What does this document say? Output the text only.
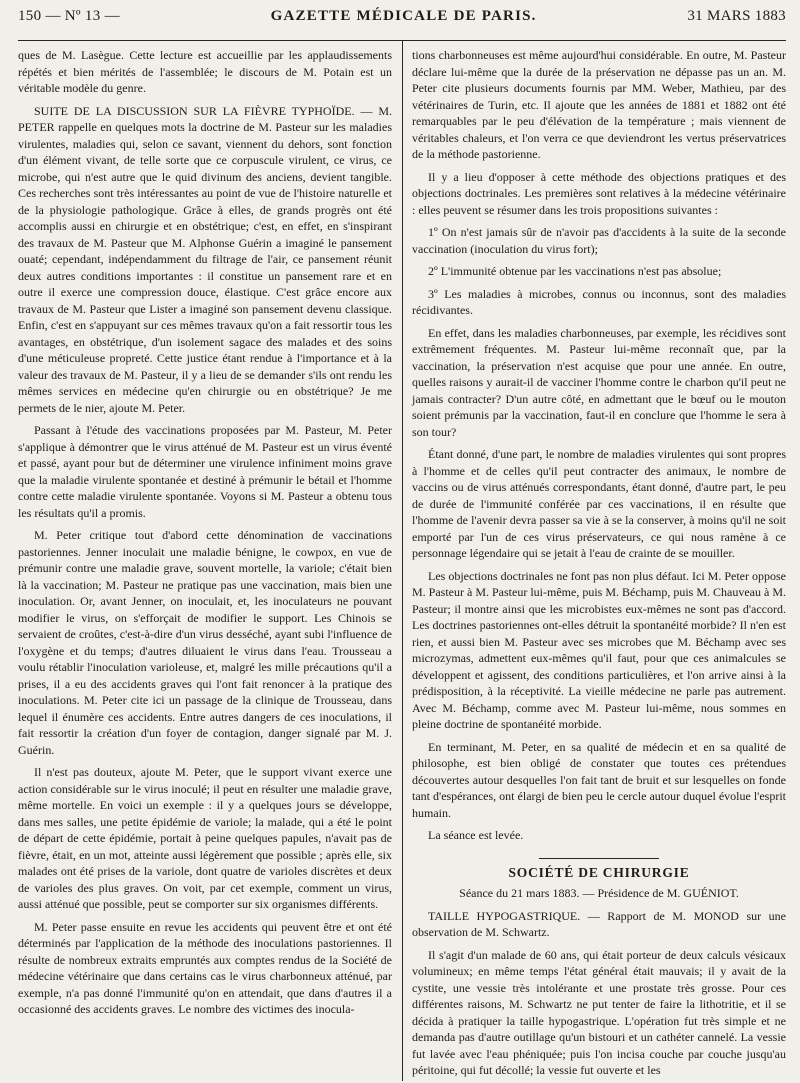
150 — Nº 13 —	GAZETTE MÉDICALE DE PARIS.	31 MARS 1883

ques de M. Lasègue. Cette lecture est accueillie par les applaudissements répétés et bien mérités de l'assemblée; le discours de M. Potain est un véritable modèle du genre.

SUITE DE LA DISCUSSION SUR LA FIÈVRE TYPHOÏDE. — M. PETER rappelle en quelques mots la doctrine de M. Pasteur sur les maladies virulentes, maladies qui, selon ce savant, viennent du dehors, sont fonction d'un élément vivant, de telle sorte que ce corpuscule virulent, ce virus, ce microbe, qui n'est autre que le quid divinum des anciens, devient tangible. Ces recherches sont très intéressantes au point de vue de l'histoire naturelle et de la physiologie pathologique. Grâce à elles, de grands progrès ont été accomplis aussi en chirurgie et en obstétrique; c'est, en effet, en s'inspirant des travaux de M. Pasteur que M. Alphonse Guérin a imaginé le pansement ouaté; cependant, indépendamment du filtrage de l'air, ce pansement réunit deux autres conditions importantes : il constitue un pansement rare et en outre il exerce une compression douce, élastique. C'est grâce encore aux travaux de M. Pasteur que Lister a imaginé son pansement devenu classique. Enfin, c'est en s'appuyant sur ces mêmes travaux qu'on a fait ressortir tous les avantages, en obstétrique, d'un isolement sagace des malades et des soins d'une méticuleuse propreté. Cette justice étant rendue à l'importance et à la valeur des travaux de M. Pasteur, il y a lieu de se demander s'ils ont rendu les mêmes services en médecine qu'en chirurgie ou en obstétrique? Je me permets de le nier, ajoute M. Peter.

Passant à l'étude des vaccinations proposées par M. Pasteur, M. Peter s'applique à démontrer que le virus atténué de M. Pasteur est un virus éventé et passé, ayant pour but de déterminer une virulence infiniment moins grave que la maladie virulente spontanée et destiné à prémunir le bétail et l'homme contre cette maladie virulente spontanée. Voyons si M. Pasteur a obtenu tous les résultats qu'il a promis.

M. Peter critique tout d'abord cette dénomination de vaccinations pastoriennes. Jenner inoculait une maladie bénigne, le cowpox, en vue de prémunir contre une maladie grave, souvent mortelle, la variole; c'était bien là la vaccination; M. Pasteur ne pratique pas une vaccination, mais bien une inoculation. Or, avant Jenner, on inoculait, et, les inoculateurs ne pouvant modifier le virus, on s'efforçait de modifier le support. Les Chinois se servaient de croûtes, c'est-à-dire d'un virus desséché, ayant subi l'influence de l'oxygène et du temps; d'autres diluaient le virus dans l'eau. Trousseau a voulu rétablir l'inoculation varioleuse, et, malgré les mille précautions qu'il a prises, il a eu des accidents graves qui l'ont fait renoncer à la pratique des inoculations. M. Peter cite ici un passage de la clinique de Trousseau, dans lequel il énumère ces accidents. Entre autres dangers de ces inoculations, il fait ressortir la création d'un foyer de contagion, danger signalé par M. J. Guérin.

Il n'est pas douteux, ajoute M. Peter, que le support vivant exerce une action considérable sur le virus inoculé; il peut en résulter une maladie grave, même mortelle. En voici un exemple : il y a quelques jours se développe, dans mes salles, une petite épidémie de variole; la malade, qui a été le point de départ de cette épidémie, portait à peine quelques papules, n'avait pas de fièvre, était, en un mot, atteinte aussi légèrement que possible ; après elle, six malades ont été prises de la variole, dont quatre de varioles discrètes et deux de varioles des plus graves. On voit, par cet exemple, comment un virus, aussi atténué que possible, peut se comporter sur six organismes différents.

M. Peter passe ensuite en revue les accidents qui peuvent être et ont été déterminés par l'application de la méthode des inoculations pastoriennes. Il résulte de nombreux extraits empruntés aux comptes rendus de la Société de médecine vétérinaire que dans certains cas le virus charbonneux atténué, par exemple, n'a pas donné l'immunité qu'on en attendait, que dans d'autres il a occasionné des accidents graves. Le nombre des victimes des inocula-

tions charbonneuses est même aujourd'hui considérable. En outre, M. Pasteur déclare lui-même que la durée de la préservation ne dépasse pas un an. M. Peter cite plusieurs documents fournis par MM. Weber, Mathieu, par des vétérinaires de Turin, etc. Il ajoute que les années de 1881 et 1882 ont été remarquables par le peu d'élévation de la température ; mais viennent de véritables chaleurs, et l'on verra ce que deviendront les vertus préservatrices de la méthode pastorienne.

Il y a lieu d'opposer à cette méthode des objections pratiques et des objections doctrinales. Les premières sont relatives à la médecine vétérinaire : elles peuvent se résumer dans les trois propositions suivantes :

1º On n'est jamais sûr de n'avoir pas d'accidents à la suite de la seconde vaccination (inoculation du virus fort);

2º L'immunité obtenue par les vaccinations n'est pas absolue;

3º Les maladies à microbes, connus ou inconnus, sont des maladies récidivantes.

En effet, dans les maladies charbonneuses, par exemple, les récidives sont extrêmement fréquentes. M. Pasteur lui-même reconnaît que, par la vaccination, la préservation n'est acquise que pour une année. En outre, quelles raisons y aurait-il de vacciner l'homme contre le charbon qu'il peut ne jamais contracter? D'un autre côté, en admettant que le bœuf ou le mouton soient prémunis par la vaccination, faut-il en conclure que l'homme le sera à son tour?

Étant donné, d'une part, le nombre de maladies virulentes qui sont propres à l'homme et de celles qu'il peut contracter des animaux, le nombre de vaccins ou de virus atténués correspondants, étant donné, d'autre part, le peu de durée de l'immunité conférée par ces vaccinations, il en résulte que l'homme de l'avenir devra passer sa vie à se la conserver, à moins qu'il ne soit emporté par l'un de ces virus préservateurs, ce qui nous ramène à ce personnage légendaire qui se jetait à l'eau de crainte de se mouiller.

Les objections doctrinales ne font pas non plus défaut. Ici M. Peter oppose M. Pasteur à M. Pasteur lui-même, puis M. Béchamp, puis M. Chauveau à M. Pasteur; il montre ainsi que les microbistes eux-mêmes ne sont pas d'accord. Les doctrines pastoriennes ont-elles détruit la spontanéité morbide? Il n'en est rien, et aussi bien M. Pasteur avec ses microbes que M. Béchamp avec ses microzymas, admettent eux-mêmes qu'il faut, pour que ces animalcules se développent et agissent, des conditions particulières, et l'on arrive ainsi à la prédisposition, à la réceptivité. La vieille médecine ne parle pas autrement. Avec M. Béchamp, comme avec M. Pasteur lui-même, nous sommes en pleine doctrine de spontanéité morbide.

En terminant, M. Peter, en sa qualité de médecin et en sa qualité de philosophe, est bien obligé de constater que toutes ces prétendues découvertes autour desquelles l'on fait tant de bruit et sur lesquelles on fonde tant d'espérances, ont élargi de bien peu le cercle autour duquel évolue l'esprit humain.

La séance est levée.

SOCIÉTÉ DE CHIRURGIE
Séance du 21 mars 1883. — Présidence de M. GUÉNIOT.

TAILLE HYPOGASTRIQUE. — Rapport de M. MONOD sur une observation de M. Schwartz.

Il s'agit d'un malade de 60 ans, qui était porteur de deux calculs vésicaux volumineux; en même temps l'état général était mauvais; il y avait de la cystite, une vessie très intolérante et une prostate très grosse. Pour ces différentes raisons, M. Schwartz ne put tenter de faire la lithotritie, et il se décida à pratiquer la taille hypogastrique. L'opération fut très simple et ne demanda pas d'autre outillage qu'un bistouri et un cathéter cannelé. La vessie fut lavée avec l'eau phéniquée; puis l'on incisa couche par couche jusqu'au péritoine, qui fut décollé; la vessie fut ouverte et les
